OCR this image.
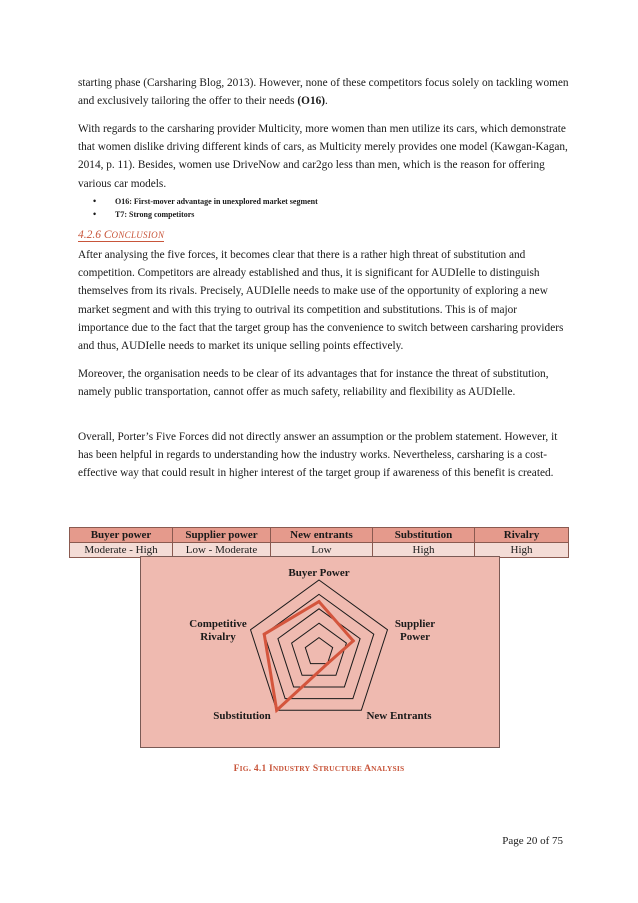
starting phase (Carsharing Blog, 2013). However, none of these competitors focus solely on tackling women and exclusively tailoring the offer to their needs (O16).

With regards to the carsharing provider Multicity, more women than men utilize its cars, which demonstrate that women dislike driving different kinds of cars, as Multicity merely provides one model (Kawgan-Kagan, 2014, p. 11). Besides, women use DriveNow and car2go less than men, which is the reason for offering various car models.

• O16: First-mover advantage in unexplored market segment
• T7: Strong competitors
4.2.6 CONCLUSION

After analysing the five forces, it becomes clear that there is a rather high threat of substitution and competition. Competitors are already established and thus, it is significant for AUDIelle to distinguish themselves from its rivals. Precisely, AUDIelle needs to make use of the opportunity of exploring a new market segment and with this trying to outrival its competition and substitutions. This is of major importance due to the fact that the target group has the convenience to switch between carsharing providers and thus, AUDIelle needs to market its unique selling points effectively.

Moreover, the organisation needs to be clear of its advantages that for instance the threat of substitution, namely public transportation, cannot offer as much safety, reliability and flexibility as AUDIelle.

Overall, Porter’s Five Forces did not directly answer an assumption or the problem statement. However, it has been helpful in regards to understanding how the industry works. Nevertheless, carsharing is a cost-effective way that could result in higher interest of the target group if awareness of this benefit is created.

Buyer power	Supplier power	New entrants	Substitution	Rivalry
Moderate - High	Low - Moderate	Low	High	High
Buyer Power
Supplier Power
New Entrants
Substitution
Competitive Rivalry
FIG. 4.1 INDUSTRY STRUCTURE ANALYSIS
Page 20 of 75
